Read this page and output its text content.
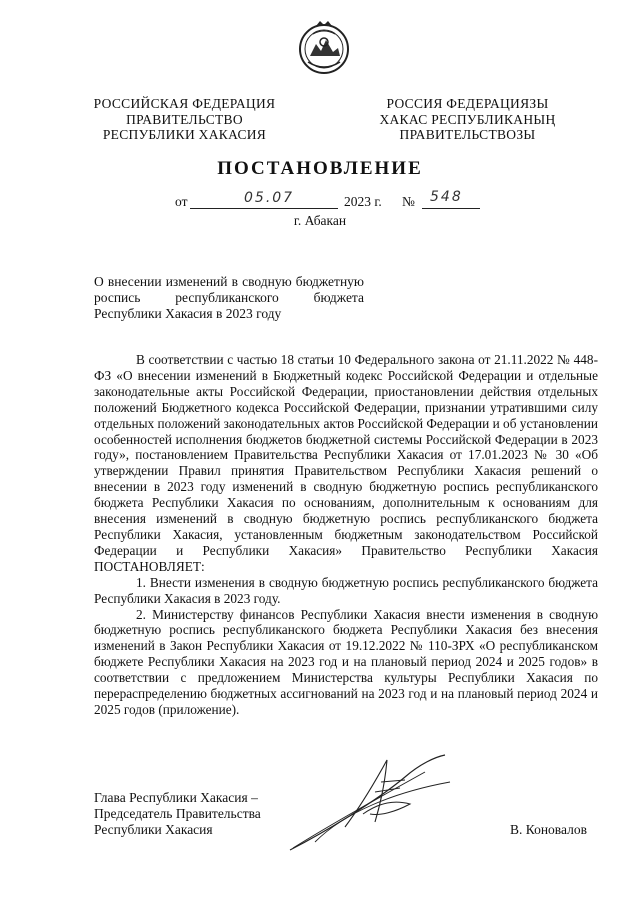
РОССИЙСКАЯ ФЕДЕРАЦИЯ
ПРАВИТЕЛЬСТВО
РЕСПУБЛИКИ ХАКАСИЯ
РОССИЯ ФЕДЕРАЦИЯЗЫ
ХАКАС РЕСПУБЛИКАНЫҢ
ПРАВИТЕЛЬСТВОЗЫ
ПОСТАНОВЛЕНИЕ
от	05.07	2023 г. № 548
г. Абакан
О внесении изменений в сводную бюджетную роспись республиканского бюджета Республики Хакасия в 2023 году

В соответствии с частью 18 статьи 10 Федерального закона от 21.11.2022 № 448-ФЗ «О внесении изменений в Бюджетный кодекс Российской Федерации и отдельные законодательные акты Российской Федерации, приостановлении действия отдельных положений Бюджетного кодекса Российской Федерации, признании утратившими силу отдельных положений законодательных актов Российской Федерации и об установлении особенностей исполнения бюджетов бюджетной системы Российской Федерации в 2023 году», постановлением Правительства Республики Хакасия от 17.01.2023 № 30 «Об утверждении Правил принятия Правительством Республики Хакасия решений о внесении в 2023 году изменений в сводную бюджетную роспись республиканского бюджета Республики Хакасия по основаниям, дополнительным к основаниям для внесения изменений в сводную бюджетную роспись республиканского бюджета Республики Хакасия, установленным бюджетным законодательством Российской Федерации и Республики Хакасия» Правительство Республики Хакасия ПОСТАНОВЛЯЕТ:

1. Внести изменения в сводную бюджетную роспись республиканского бюджета Республики Хакасия в 2023 году.

2. Министерству финансов Республики Хакасия внести изменения в сводную бюджетную роспись республиканского бюджета Республики Хакасия без внесения изменений в Закон Республики Хакасия от 19.12.2022 № 110-ЗРХ «О республиканском бюджете Республики Хакасия на 2023 год и на плановый период 2024 и 2025 годов» в соответствии с предложением Министерства культуры Республики Хакасия по перераспределению бюджетных ассигнований на 2023 год и на плановый период 2024 и 2025 годов (приложение).

Глава Республики Хакасия –
Председатель Правительства
Республики Хакасия	В. Коновалов
